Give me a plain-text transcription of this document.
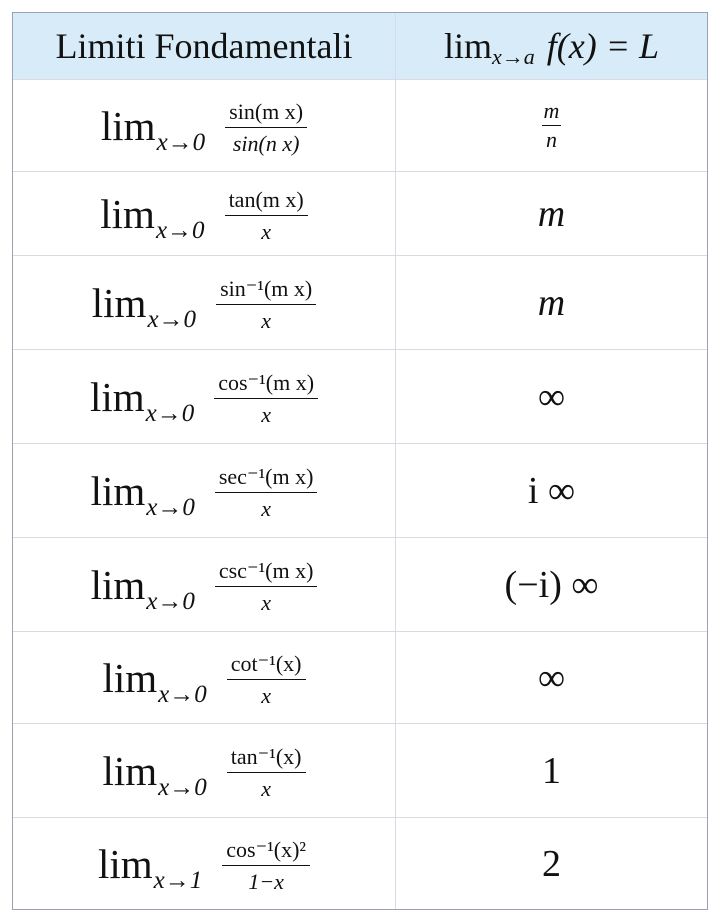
Limiti Fondamentali	lim x→a f(x) = L
$\lim x\to 0 \frac{\text{sin(m x)}}{\text{sin(n x)}}$	$\frac{m}{n}$
$\lim x\to 0 \frac{\text{tan(m x)}}{x}$	m
$\lim x\to 0 \frac{\text{sin⁻¹(m x)}}{x}$	m
$\lim x\to 0 \frac{\text{cos⁻¹(m x)}}{x}$	∞
$\lim x\to 0 \frac{\text{sec⁻¹(m x)}}{x}$	i ∞
$\lim x\to 0 \frac{\text{csc⁻¹(m x)}}{x}$	(−i) ∞
$\lim x\to 0 \frac{\text{cot⁻¹(x)}}{x}$	∞
$\lim x\to 0 \frac{\text{tan⁻¹(x)}}{x}$	1
$\lim x\to 1 \frac{\text{cos⁻¹(x)²}}{1-x}$	2
